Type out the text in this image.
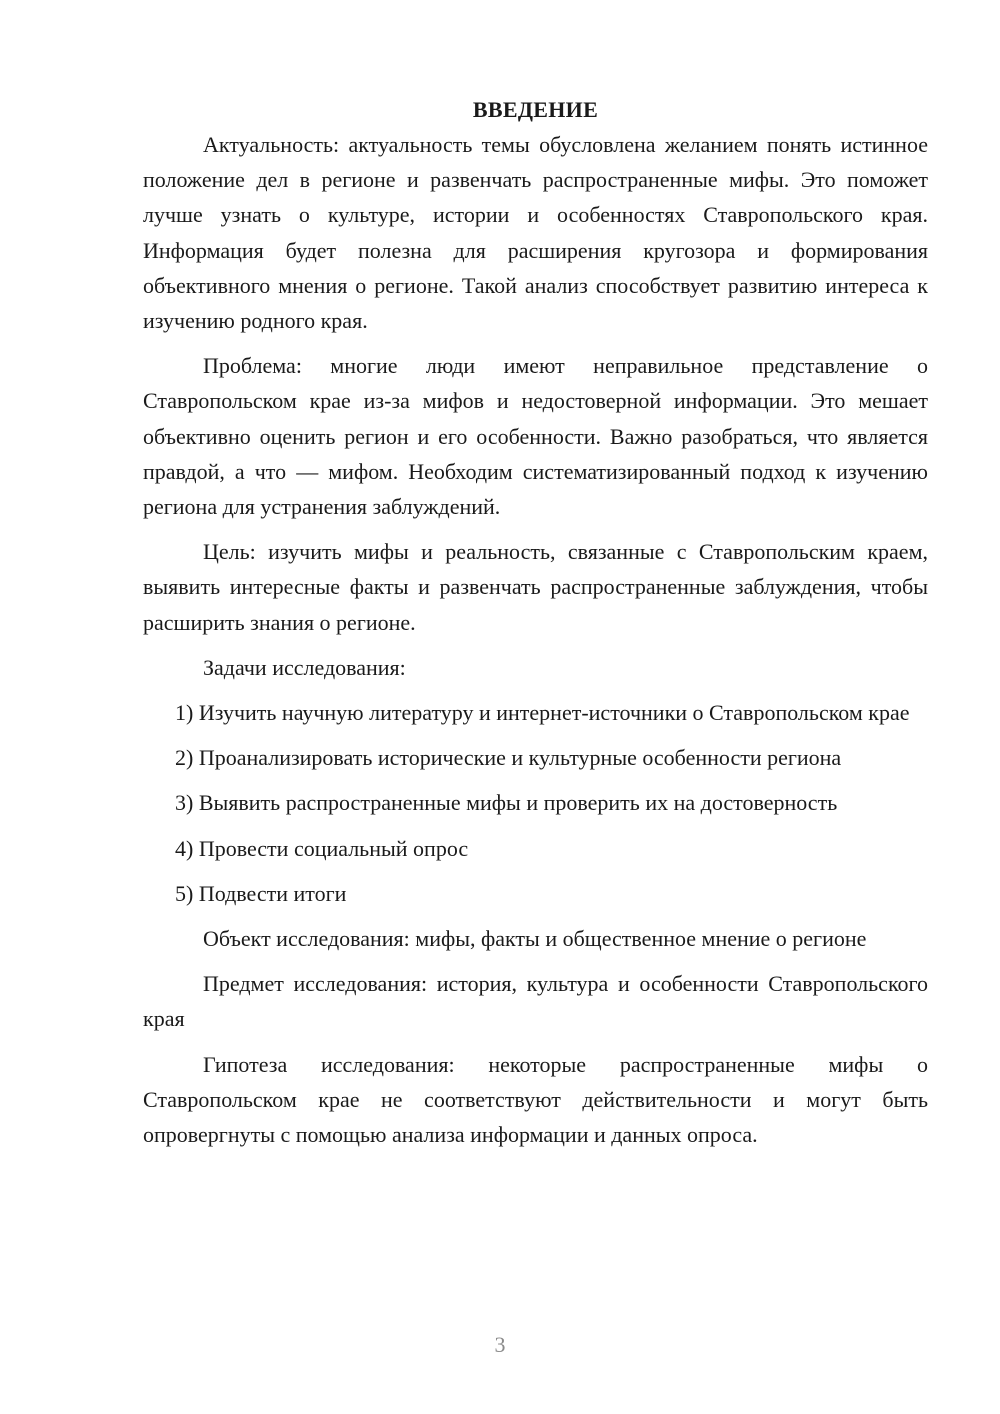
ВВЕДЕНИЕ

Актуальность: актуальность темы обусловлена желанием понять истинное положение дел в регионе и развенчать распространенные мифы. Это поможет лучше узнать о культуре, истории и особенностях Ставропольского края. Информация будет полезна для расширения кругозора и формирования объективного мнения о регионе. Такой анализ способствует развитию интереса к изучению родного края.

Проблема: многие люди имеют неправильное представление о Ставропольском крае из-за мифов и недостоверной информации. Это мешает объективно оценить регион и его особенности. Важно разобраться, что является правдой, а что — мифом. Необходим систематизированный подход к изучению региона для устранения заблуждений.

Цель: изучить мифы и реальность, связанные с Ставропольским краем, выявить интересные факты и развенчать распространенные заблуждения, чтобы расширить знания о регионе.

Задачи исследования:

1) Изучить научную литературу и интернет-источники о Ставропольском крае

2) Проанализировать исторические и культурные особенности региона

3) Выявить распространенные мифы и проверить их на достоверность

4) Провести социальный опрос

5) Подвести итоги

Объект исследования: мифы, факты и общественное мнение о регионе

Предмет исследования: история, культура и особенности Ставропольского края

Гипотеза исследования: некоторые распространенные мифы о Ставропольском крае не соответствуют действительности и могут быть опровергнуты с помощью анализа информации и данных опроса.

3
